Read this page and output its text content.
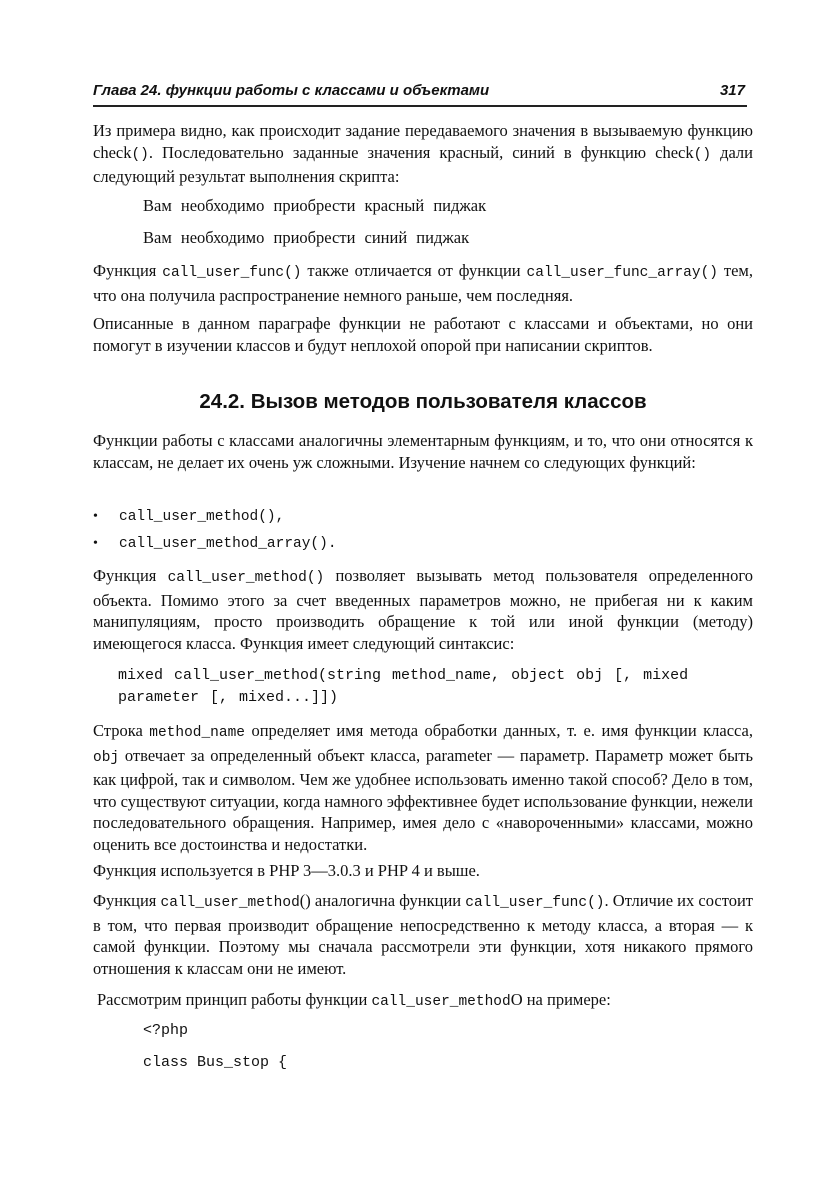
Глава 24. функции работы с классами и объектами	317
Из примера видно, как происходит задание передаваемого значения в вызываемую функцию check(). Последовательно заданные значения красный, синий в функцию check() дали следующий результат выполнения скрипта:
Вам необходимо приобрести красный пиджак
Вам необходимо приобрести синий пиджак
Функция call_user_func() также отличается от функции call_user_func_array() тем, что она получила распространение немного раньше, чем последняя.
Описанные в данном параграфе функции не работают с классами и объектами, но они помогут в изучении классов и будут неплохой опорой при написании скриптов.
24.2. Вызов методов пользователя классов
Функции работы с классами аналогичны элементарным функциям, и то, что они относятся к классам, не делает их очень уж сложными. Изучение начнем со следующих функций:
• call_user_method(),
• call_user_method_array().
Функция call_user_method() позволяет вызывать метод пользователя определенного объекта. Помимо этого за счет введенных параметров можно, не прибегая ни к каким манипуляциям, просто производить обращение к той или иной функции (методу) имеющегося класса. Функция имеет следующий синтаксис:
mixed call_user_method(string method_name, object obj [, mixed
parameter [, mixed...]])
Строка method_name определяет имя метода обработки данных, т. е. имя функции класса, obj отвечает за определенный объект класса, parameter — параметр. Параметр может быть как цифрой, так и символом. Чем же удобнее использовать именно такой способ? Дело в том, что существуют ситуации, когда намного эффективнее будет использование функции, нежели последовательного обращения. Например, имея дело с «навороченными» классами, можно оценить все достоинства и недостатки.
Функция используется в PHP 3—3.0.3 и PHP 4 и выше.
Функция call_user_method() аналогична функции call_user_func(). Отличие их состоит в том, что первая производит обращение непосредственно к методу класса, а вторая — к самой функции. Поэтому мы сначала рассмотрели эти функции, хотя никакого прямого отношения к классам они не имеют.
Рассмотрим принцип работы функции call_user_methodO на примере:
<?php
class Bus_stop {
